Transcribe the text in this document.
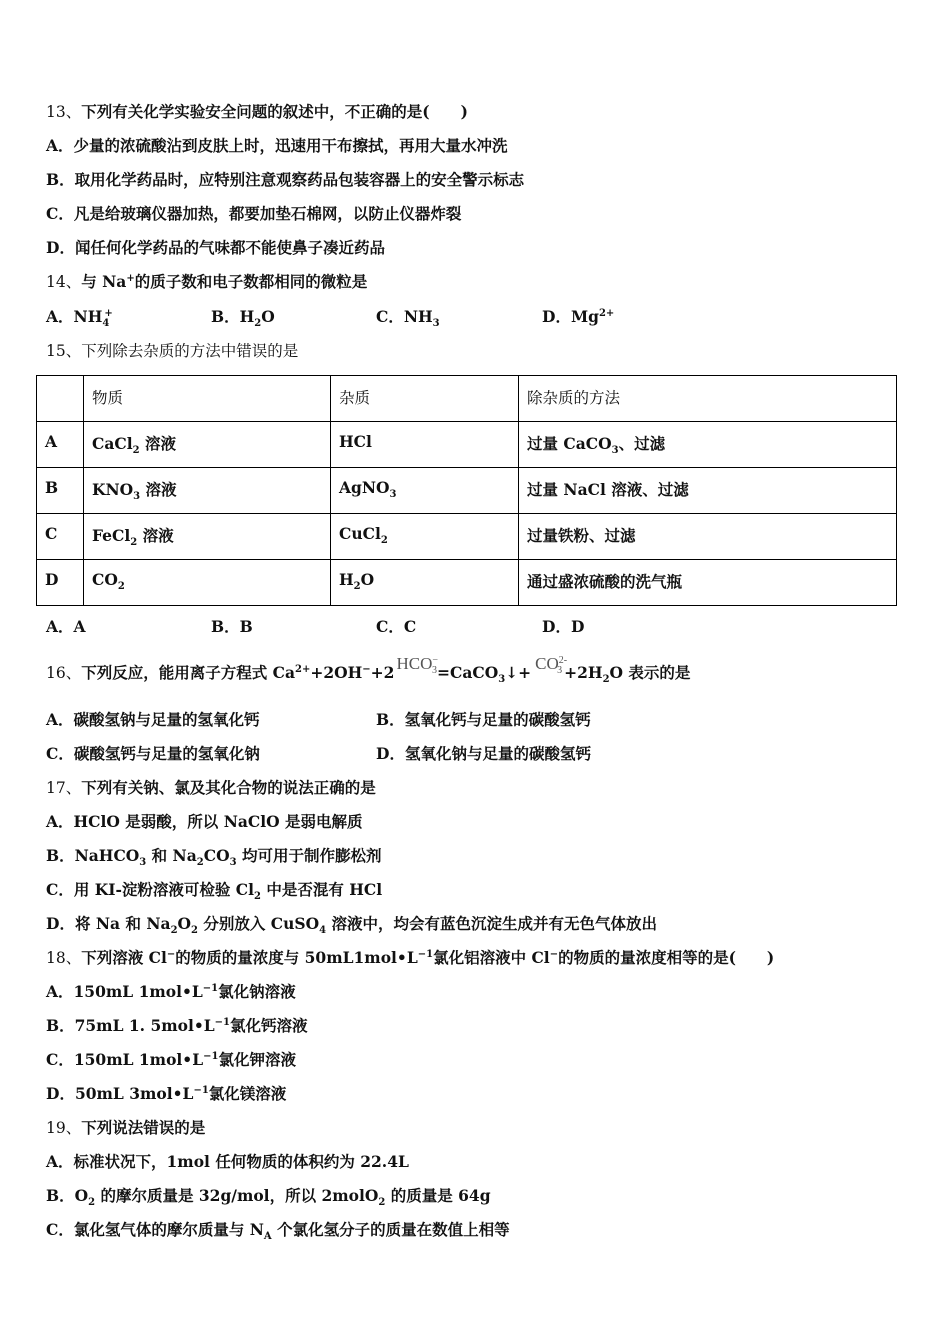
13、下列有关化学实验安全问题的叙述中，不正确的是(　　)
A．少量的浓硫酸沾到皮肤上时，迅速用干布擦拭，再用大量水冲洗
B．取用化学药品时，应特别注意观察药品包装容器上的安全警示标志
C．凡是给玻璃仪器加热，都要加垫石棉网，以防止仪器炸裂
D．闻任何化学药品的气味都不能使鼻子凑近药品
14、与 Na+的质子数和电子数都相同的微粒是
A．$NH_4^+$	B．$H_2O$	C．$NH_3$	D．$Mg^{2+}$
15、下列除去杂质的方法中错误的是
	物质	杂质	除杂质的方法
A	CaCl$_2$ 溶液	HCl	过量 CaCO$_3$、过滤
B	$KNO_3$ 溶液	AgNO$_3$	过量 NaCl 溶液、过滤
C	FeCl$_2$ 溶液	CuCl$_2$	过量铁粉、过滤
D	$CO_2$	$H_2O$	通过盛浓硫酸的洗气瓶
A．A	B．B	C．C	D．D
16、下列反应，能用离子方程式 $Ca^{2+}+2OH^-+2$ $HCO^-_3=CaCO_3↓+ CO^{2-}_3 +2H_2O$ 表示的是
A．碳酸氢钠与足量的氢氧化钙	B．氢氧化钙与足量的碳酸氢钙
C．碳酸氢钙与足量的氢氧化钠	D．氢氧化钠与足量的碳酸氢钙
17、下列有关钠、氯及其化合物的说法正确的是
A．HClO 是弱酸，所以 NaClO 是弱电解质
B．NaHCO$_3$ 和 $Na_2CO_3$ 均可用于制作膨松剂
C．用 KI-淀粉溶液可检验 $Cl_2$ 中是否混有 HCl
D．将 Na 和 $Na_2O_2$ 分别放入 CuSO$_4$ 溶液中，均会有蓝色沉淀生成并有无色气体放出
18、下列溶液 Cl−的物质的量浓度与 $50mL1mol•L^{-1}$氯化铝溶液中 Cl−的物质的量浓度相等的是(　　)
A．150mL $1mol•L^{-1}$氯化钠溶液
B．75mL 1. $5mol•L^{-1}$氯化钙溶液
C．150mL $1mol•L^{-1}$氯化钾溶液
D．50mL $3mol•L^{-1}$氯化镁溶液
19、下列说法错误的是
A．标准状况下，1mol 任何物质的体积约为 22.4L
B．$O_2$ 的摩尔质量是 32g/mol，所以 2molO$_2$ 的质量是 64g
C．氯化氢气体的摩尔质量与 $N_A$ 个氯化氢分子的质量在数值上相等
